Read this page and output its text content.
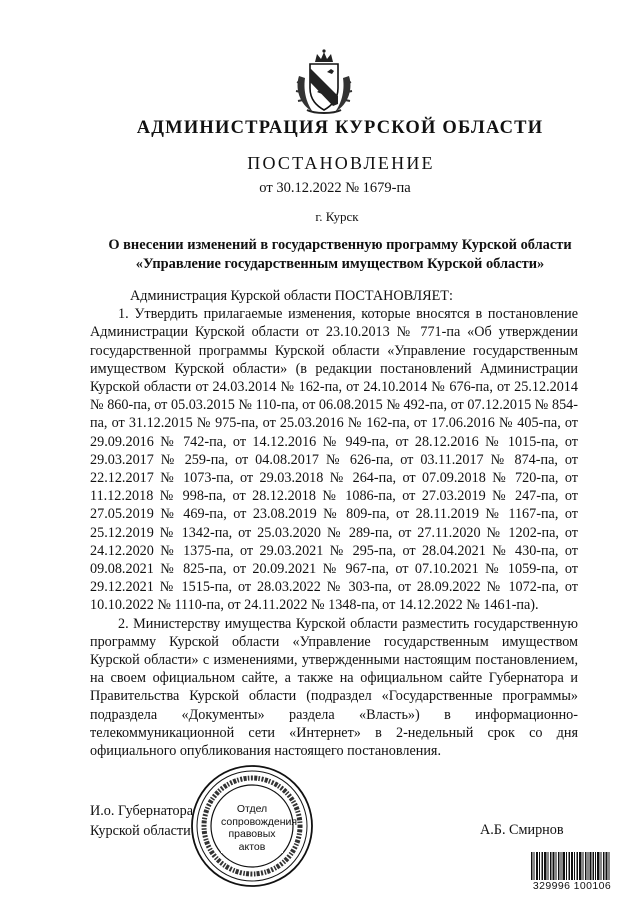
АДМИНИСТРАЦИЯ КУРСКОЙ ОБЛАСТИ
ПОСТАНОВЛЕНИЕ
от 30.12.2022 № 1679-па
г. Курск
О внесении изменений в государственную программу Курской области
«Управление государственным имуществом Курской области»

Администрация Курской области ПОСТАНОВЛЯЕТ:

1. Утвердить прилагаемые изменения, которые вносятся в постановление Администрации Курской области от 23.10.2013 № 771-па «Об утверждении государственной программы Курской области «Управление государственным имуществом Курской области» (в редакции постановлений Администрации Курской области от 24.03.2014 № 162-па, от 24.10.2014 № 676-па, от 25.12.2014 № 860-па, от 05.03.2015 № 110-па, от 06.08.2015 № 492-па, от 07.12.2015 № 854-па, от 31.12.2015 № 975-па, от 25.03.2016 № 162-па, от 17.06.2016 № 405-па, от 29.09.2016 № 742-па, от 14.12.2016 № 949-па, от 28.12.2016 № 1015-па, от 29.03.2017 № 259-па, от 04.08.2017 № 626-па, от 03.11.2017 № 874-па, от 22.12.2017 № 1073-па, от 29.03.2018 № 264-па, от 07.09.2018 № 720-па, от 11.12.2018 № 998-па, от 28.12.2018 № 1086-па, от 27.03.2019 № 247-па, от 27.05.2019 № 469-па, от 23.08.2019 № 809-па, от 28.11.2019 № 1167-па, от 25.12.2019 № 1342-па, от 25.03.2020 № 289-па, от 27.11.2020 № 1202-па, от 24.12.2020 № 1375-па, от 29.03.2021 № 295-па, от 28.04.2021 № 430-па, от 09.08.2021 № 825-па, от 20.09.2021 № 967-па, от 07.10.2021 № 1059-па, от 29.12.2021 № 1515-па, от 28.03.2022 № 303-па, от 28.09.2022 № 1072-па, от 10.10.2022 № 1110-па, от 24.11.2022 № 1348-па, от 14.12.2022 № 1461-па).

2. Министерству имущества Курской области разместить государственную программу Курской области «Управление государственным имуществом Курской области» с изменениями, утвержденными настоящим постановлением, на своем официальном сайте, а также на официальном сайте Губернатора и Правительства Курской области (подраздел «Государственные программы» подраздела «Документы» раздела «Власть») в информационно-телекоммуникационной сети «Интернет» в 2-недельный срок со дня официального опубликования настоящего постановления.

И.о. Губернатора
Курской области	А.Б. Смирнов
Отдел
сопровождения
правовых
актов
329996 100106
